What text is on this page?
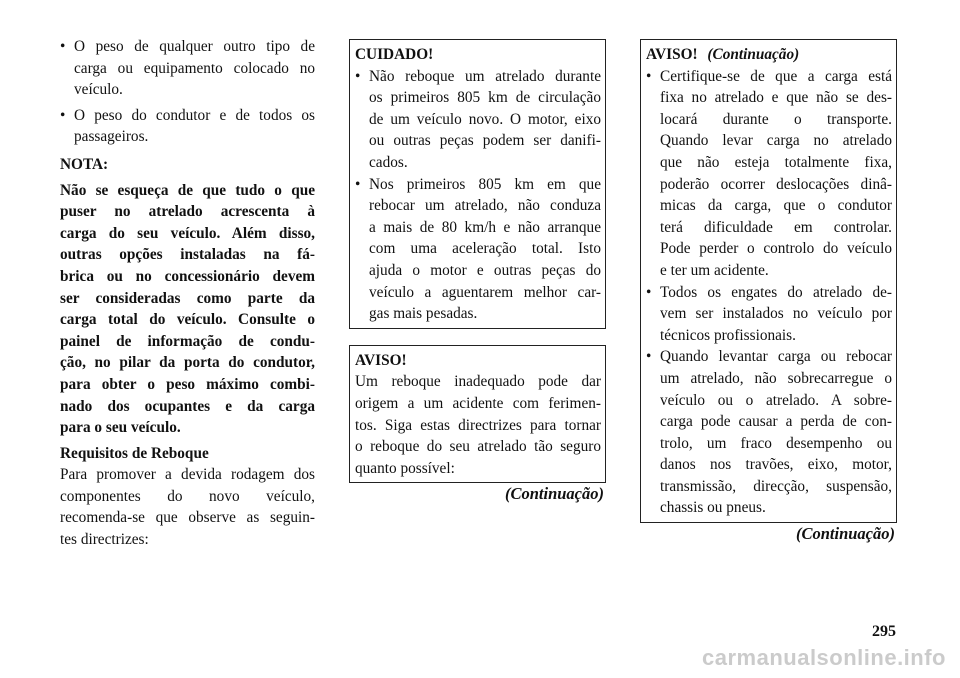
• O peso de qualquer outro tipo de
carga ou equipamento colocado no
veículo.
• O peso do condutor e de todos os
passageiros.
NOTA:
Não se esqueça de que tudo o que
puser no atrelado acrescenta à
carga do seu veículo. Além disso,
outras opções instaladas na fá-
brica ou no concessionário devem
ser consideradas como parte da
carga total do veículo. Consulte o
painel de informação de condu-
ção, no pilar da porta do condutor,
para obter o peso máximo combi-
nado dos ocupantes e da carga
para o seu veículo.
Requisitos de Reboque
Para promover a devida rodagem dos
componentes do novo veículo,
recomenda-se que observe as seguin-
tes directrizes:
CUIDADO!
• Não reboque um atrelado durante
os primeiros 805 km de circulação
de um veículo novo. O motor, eixo
ou outras peças podem ser danifi-
cados.
• Nos primeiros 805 km em que
rebocar um atrelado, não conduza
a mais de 80 km/h e não arranque
com uma aceleração total. Isto
ajuda o motor e outras peças do
veículo a aguentarem melhor car-
gas mais pesadas.
AVISO!
Um reboque inadequado pode dar
origem a um acidente com ferimen-
tos. Siga estas directrizes para tornar
o reboque do seu atrelado tão seguro
quanto possível:
(Continuação)
AVISO! (Continuação)
• Certifique-se de que a carga está
fixa no atrelado e que não se des-
locará durante o transporte.
Quando levar carga no atrelado
que não esteja totalmente fixa,
poderão ocorrer deslocações dinâ-
micas da carga, que o condutor
terá dificuldade em controlar.
Pode perder o controlo do veículo
e ter um acidente.
• Todos os engates do atrelado de-
vem ser instalados no veículo por
técnicos profissionais.
• Quando levantar carga ou rebocar
um atrelado, não sobrecarregue o
veículo ou o atrelado. A sobre-
carga pode causar a perda de con-
trolo, um fraco desempenho ou
danos nos travões, eixo, motor,
transmissão, direcção, suspensão,
chassis ou pneus.
(Continuação)
295
carmanualsonline.info
